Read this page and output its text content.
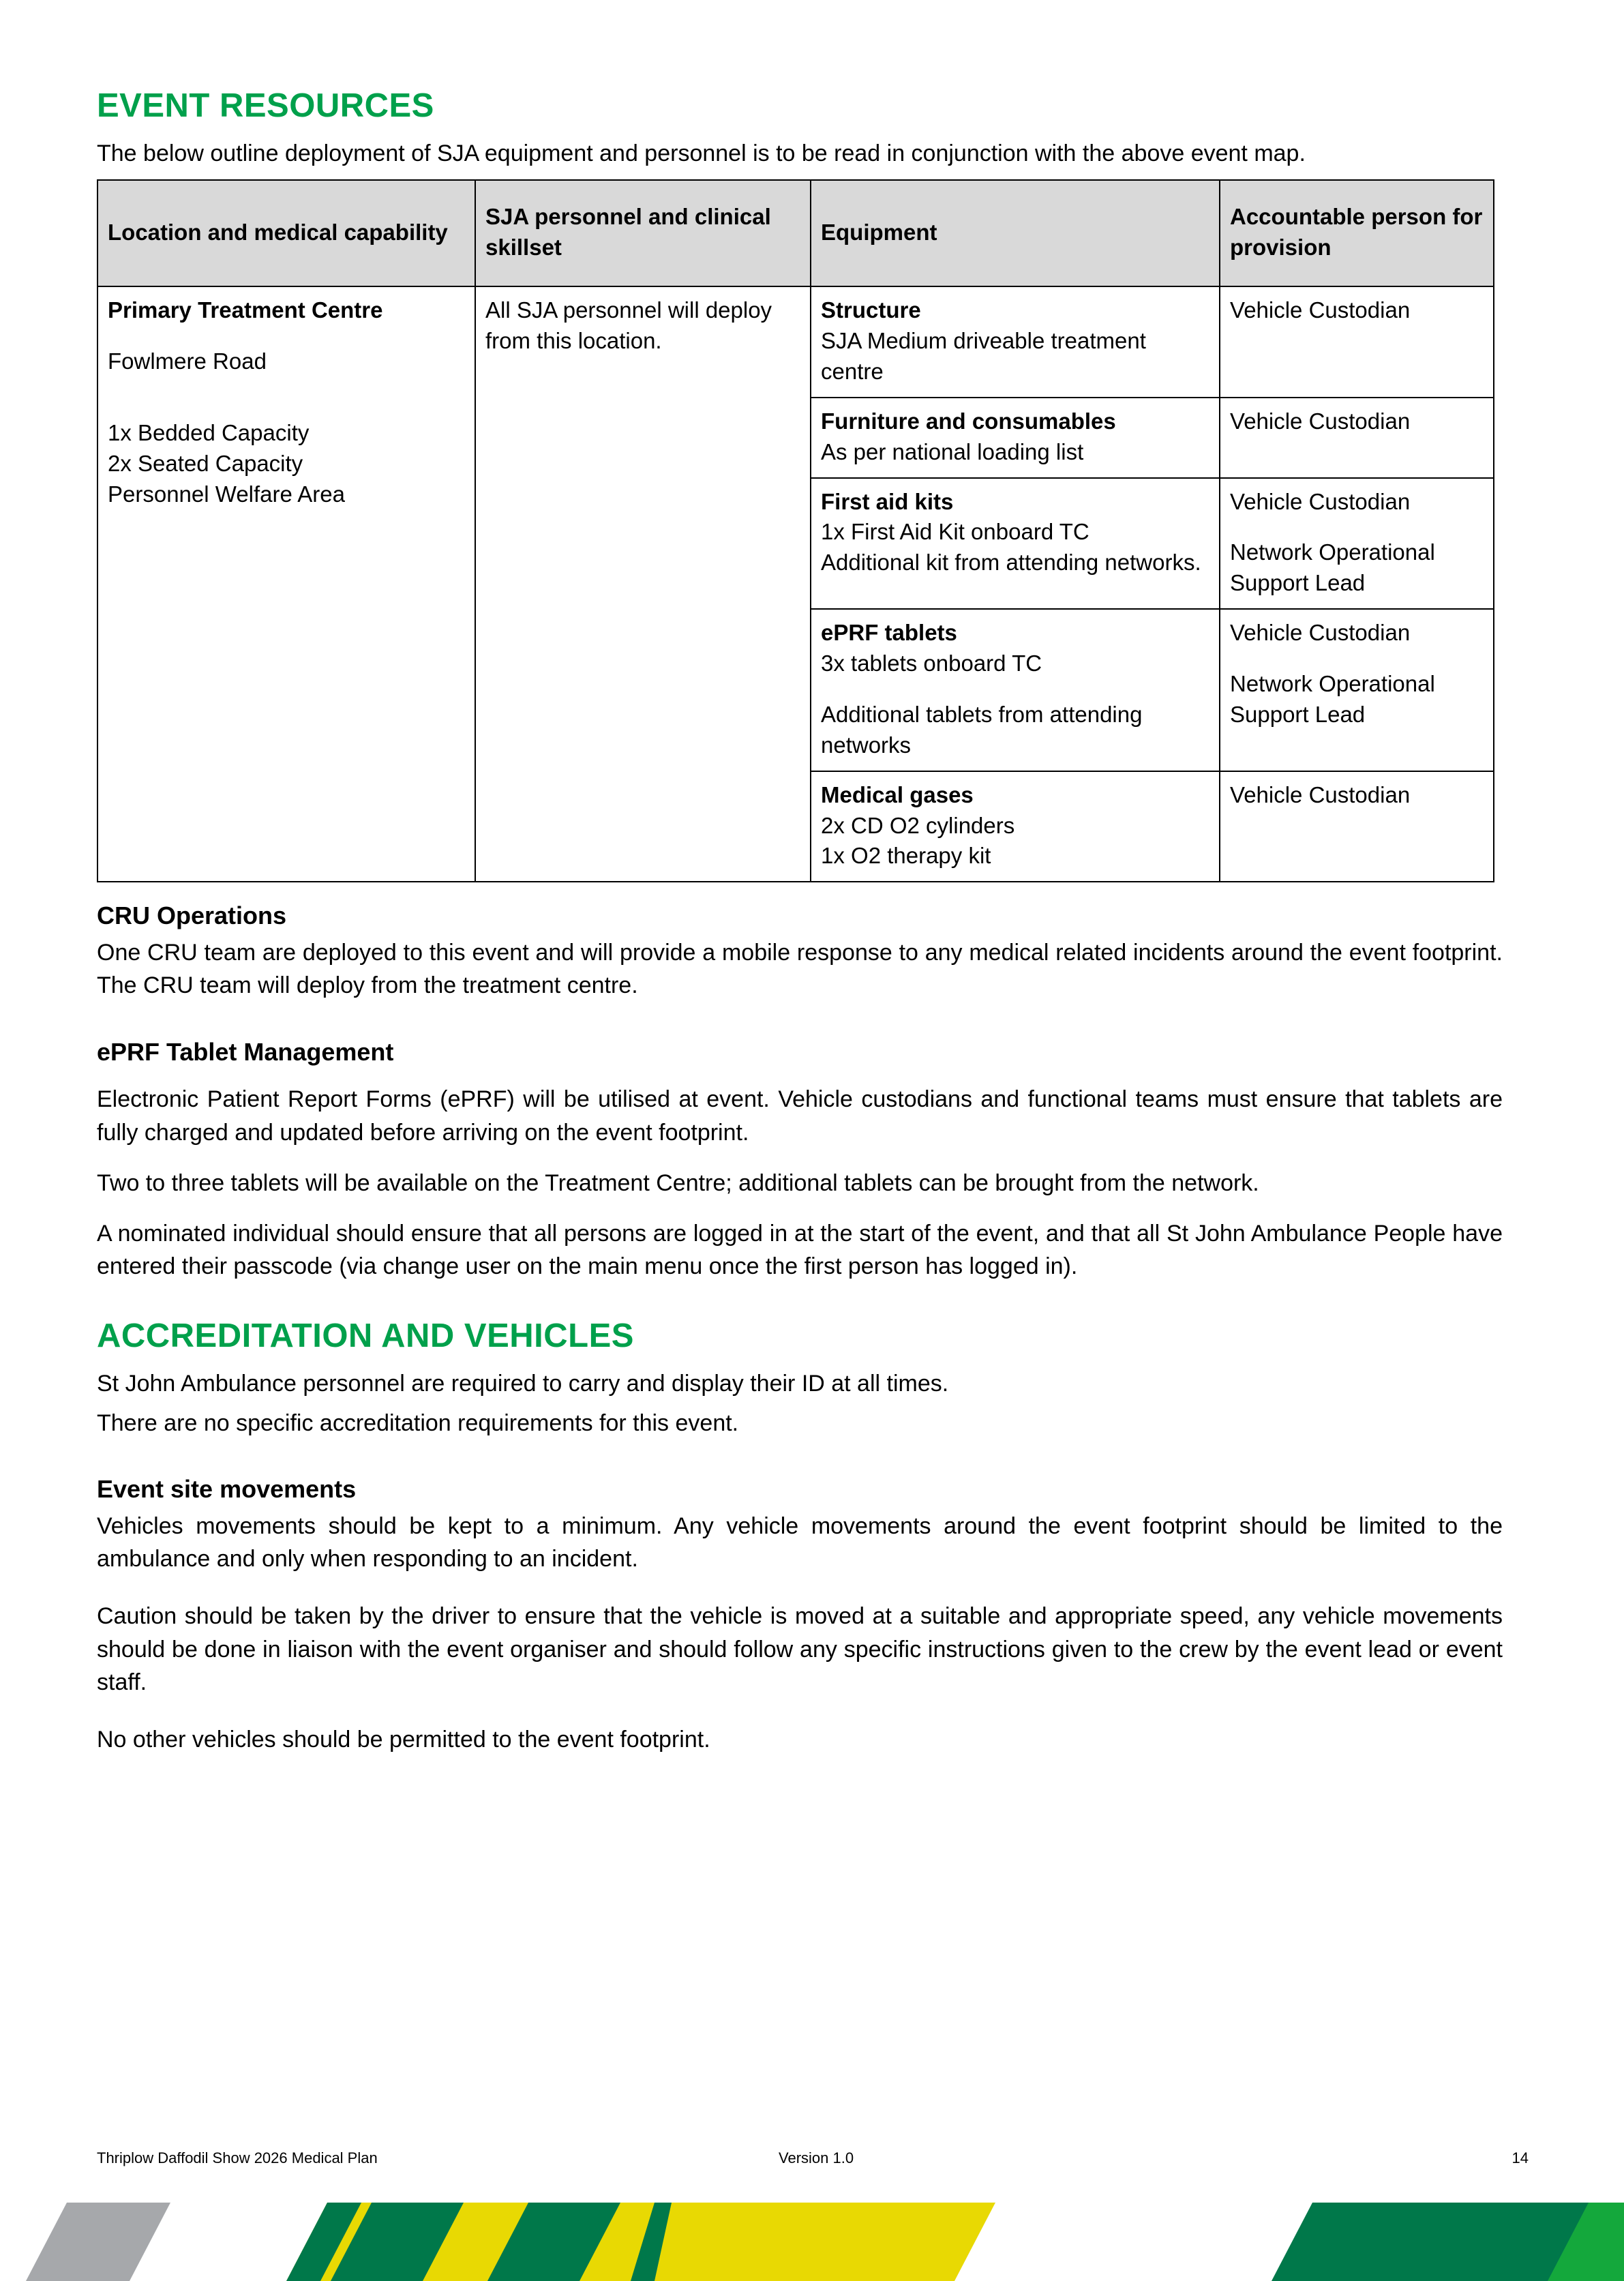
EVENT RESOURCES

The below outline deployment of SJA equipment and personnel is to be read in conjunction with the above event map.

Location and medical capability	SJA personnel and clinical skillset	Equipment	Accountable person for provision

Primary Treatment Centre
Fowlmere Road
1x Bedded Capacity
2x Seated Capacity
Personnel Welfare Area	All SJA personnel will deploy from this location.	Structure
SJA Medium driveable treatment centre	Vehicle Custodian

		Furniture and consumables
As per national loading list	Vehicle Custodian

		First aid kits
1x First Aid Kit onboard TC
Additional kit from attending networks.	Vehicle Custodian
Network Operational Support Lead

		ePRF tablets
3x tablets onboard TC
Additional tablets from attending networks	Vehicle Custodian
Network Operational Support Lead

		Medical gases
2x CD O2 cylinders
1x O2 therapy kit	Vehicle Custodian
CRU Operations

One CRU team are deployed to this event and will provide a mobile response to any medical related incidents around the event footprint. The CRU team will deploy from the treatment centre.

ePRF Tablet Management

Electronic Patient Report Forms (ePRF) will be utilised at event. Vehicle custodians and functional teams must ensure that tablets are fully charged and updated before arriving on the event footprint.

Two to three tablets will be available on the Treatment Centre; additional tablets can be brought from the network.

A nominated individual should ensure that all persons are logged in at the start of the event, and that all St John Ambulance People have entered their passcode (via change user on the main menu once the first person has logged in).

ACCREDITATION AND VEHICLES

St John Ambulance personnel are required to carry and display their ID at all times.

There are no specific accreditation requirements for this event.

Event site movements

Vehicles movements should be kept to a minimum. Any vehicle movements around the event footprint should be limited to the ambulance and only when responding to an incident.

Caution should be taken by the driver to ensure that the vehicle is moved at a suitable and appropriate speed, any vehicle movements should be done in liaison with the event organiser and should follow any specific instructions given to the crew by the event lead or event staff.

No other vehicles should be permitted to the event footprint.

Thriplow Daffodil Show 2026 Medical Plan	Version 1.0	14
